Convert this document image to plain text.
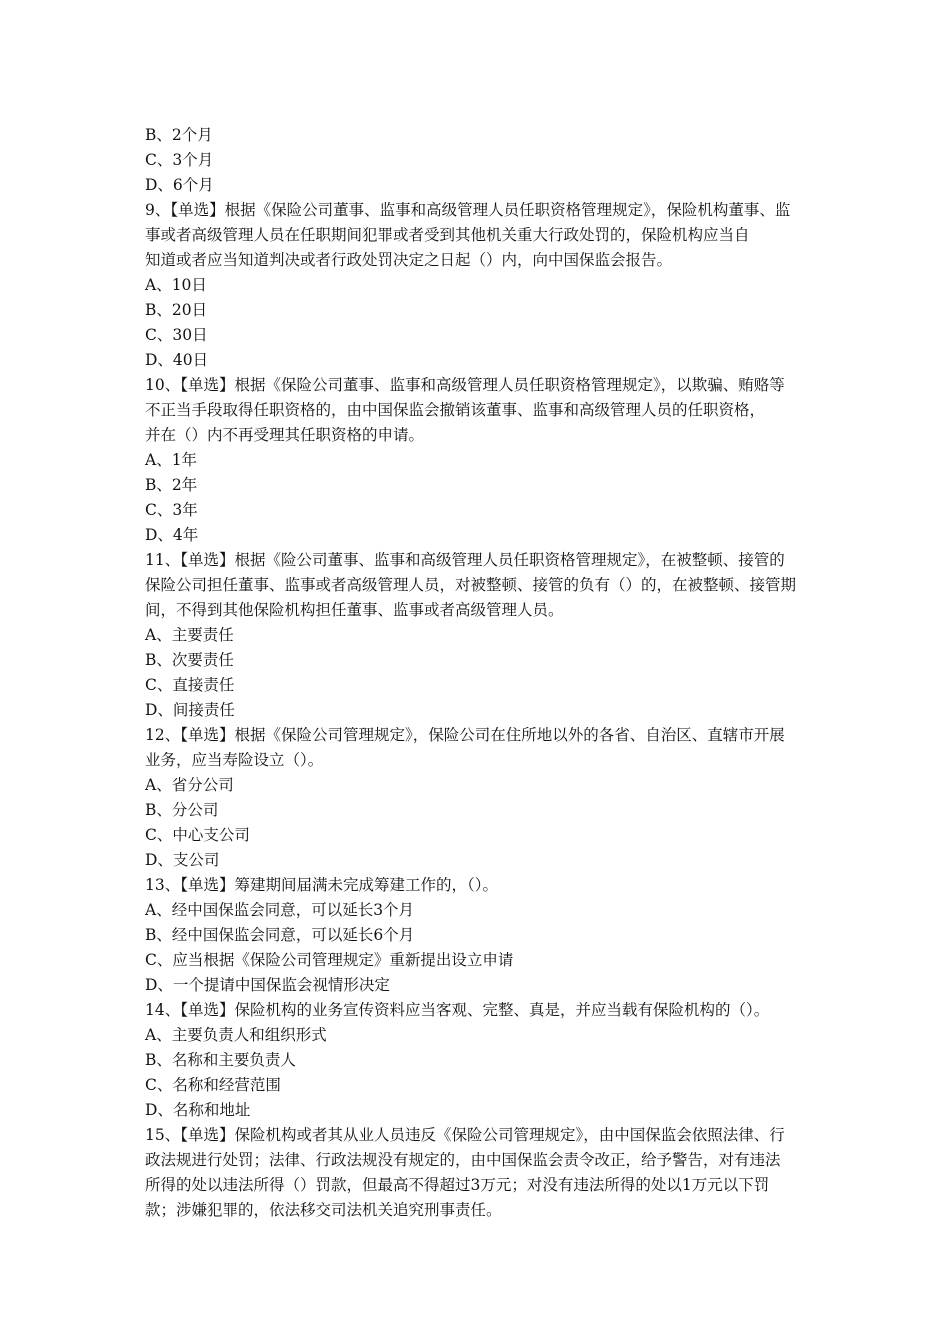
B、2个月
C、3个月
D、6个月
9、【单选】根据《保险公司董事、监事和高级管理人员任职资格管理规定》，保险机构董事、监
事或者高级管理人员在任职期间犯罪或者受到其他机关重大行政处罚的，保险机构应当自
知道或者应当知道判决或者行政处罚决定之日起（）内，向中国保监会报告。
A、10日
B、20日
C、30日
D、40日
10、【单选】根据《保险公司董事、监事和高级管理人员任职资格管理规定》，以欺骗、贿赂等
不正当手段取得任职资格的，由中国保监会撤销该董事、监事和高级管理人员的任职资格，
并在（）内不再受理其任职资格的申请。
A、1年
B、2年
C、3年
D、4年
11、【单选】根据《险公司董事、监事和高级管理人员任职资格管理规定》，在被整顿、接管的
保险公司担任董事、监事或者高级管理人员，对被整顿、接管的负有（）的，在被整顿、接管期
间，不得到其他保险机构担任董事、监事或者高级管理人员。
A、主要责任
B、次要责任
C、直接责任
D、间接责任
12、【单选】根据《保险公司管理规定》，保险公司在住所地以外的各省、自治区、直辖市开展
业务，应当寿险设立（）。
A、省分公司
B、分公司
C、中心支公司
D、支公司
13、【单选】筹建期间届满未完成筹建工作的，（）。
A、经中国保监会同意，可以延长3个月
B、经中国保监会同意，可以延长6个月
C、应当根据《保险公司管理规定》重新提出设立申请
D、一个提请中国保监会视情形决定
14、【单选】保险机构的业务宣传资料应当客观、完整、真是，并应当载有保险机构的（）。
A、主要负责人和组织形式
B、名称和主要负责人
C、名称和经营范围
D、名称和地址
15、【单选】保险机构或者其从业人员违反《保险公司管理规定》，由中国保监会依照法律、行
政法规进行处罚；法律、行政法规没有规定的，由中国保监会责令改正，给予警告，对有违法
所得的处以违法所得（）罚款，但最高不得超过3万元；对没有违法所得的处以1万元以下罚
款；涉嫌犯罪的，依法移交司法机关追究刑事责任。
